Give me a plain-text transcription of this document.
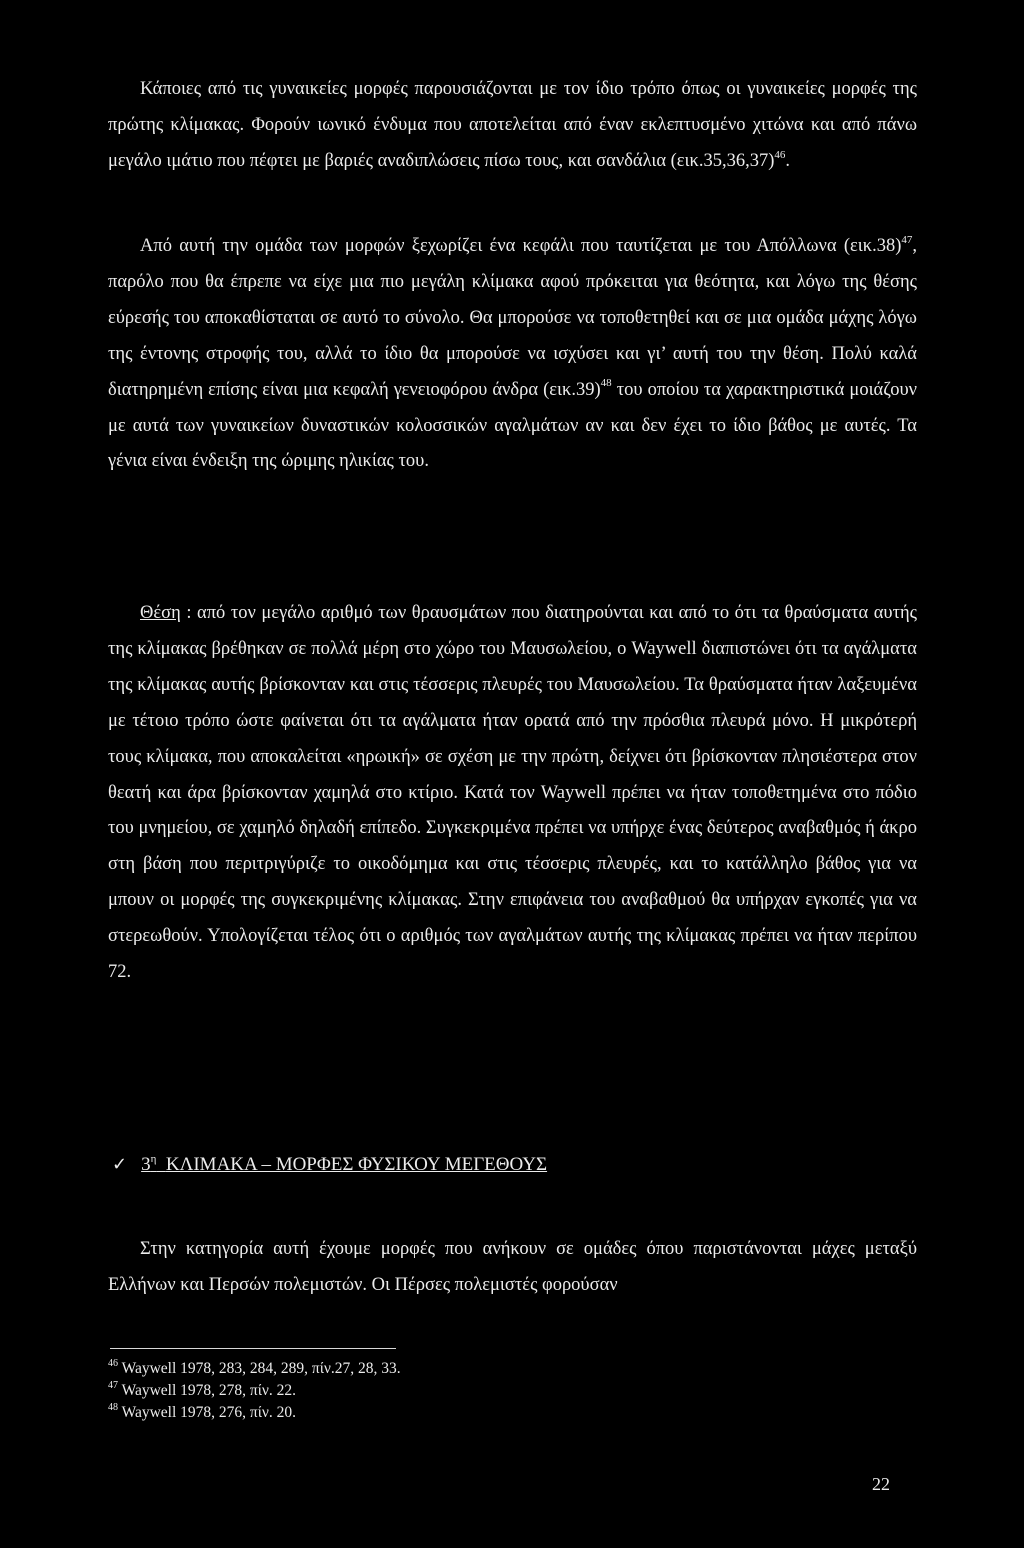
Κάποιες από τις γυναικείες μορφές παρουσιάζονται με τον ίδιο τρόπο όπως οι γυναικείες μορφές της πρώτης κλίμακας. Φορούν ιωνικό ένδυμα που αποτελείται από έναν εκλεπτυσμένο χιτώνα και από πάνω μεγάλο ιμάτιο που πέφτει με βαριές αναδιπλώσεις πίσω τους, και σανδάλια $(\varepsilon\iota\kappa.35,36,37)^{46}$.

Από αυτή την ομάδα των μορφών ξεχωρίζει ένα κεφάλι που ταυτίζεται με του Απόλλωνα $(\varepsilon\iota\kappa.38)^{47}$, παρόλο που θα έπρεπε να είχε μια πιο μεγάλη κλίμακα αφού πρόκειται για θεότητα, και λόγω της θέσης εύρεσής του αποκαθίσταται σε αυτό το σύνολο. Θα μπορούσε να τοποθετηθεί και σε μια ομάδα μάχης λόγω της έντονης στροφής του, αλλά το ίδιο θα μπορούσε να ισχύσει και γι’ αυτή του την θέση. Πολύ καλά διατηρημένη επίσης είναι μια κεφαλή γενειοφόρου άνδρα $(\varepsilon\iota\kappa.39)^{48}$ του οποίου τα χαρακτηριστικά μοιάζουν με αυτά των γυναικείων δυναστικών κολοσσικών αγαλμάτων αν και δεν έχει το ίδιο βάθος με αυτές. Τα γένια είναι ένδειξη της ώριμης ηλικίας του.

Θέση : από τον μεγάλο αριθμό των θραυσμάτων που διατηρούνται και από το ότι τα θραύσματα αυτής της κλίμακας βρέθηκαν σε πολλά μέρη στο χώρο του Μαυσωλείου, ο Waywell διαπιστώνει ότι τα αγάλματα της κλίμακας αυτής βρίσκονταν και στις τέσσερις πλευρές του Μαυσωλείου. Τα θραύσματα ήταν λαξευμένα με τέτοιο τρόπο ώστε φαίνεται ότι τα αγάλματα ήταν ορατά από την πρόσθια πλευρά μόνο. Η μικρότερή τους κλίμακα, που αποκαλείται «ηρωική» σε σχέση με την πρώτη, δείχνει ότι βρίσκονταν πλησιέστερα στον θεατή και άρα βρίσκονταν χαμηλά στο κτίριο. Κατά τον Waywell πρέπει να ήταν τοποθετημένα στο πόδιο του μνημείου, σε χαμηλό δηλαδή επίπεδο. Συγκεκριμένα πρέπει να υπήρχε ένας δεύτερος αναβαθμός ή άκρο στη βάση που περιτριγύριζε το οικοδόμημα και στις τέσσερις πλευρές, και το κατάλληλο βάθος για να μπουν οι μορφές της συγκεκριμένης κλίμακας. Στην επιφάνεια του αναβαθμού θα υπήρχαν εγκοπές για να στερεωθούν. Υπολογίζεται τέλος ότι ο αριθμός των αγαλμάτων αυτής της κλίμακας πρέπει να ήταν περίπου 72.

✓ $3^\eta$ ΚΛΙΜΑΚΑ – ΜΟΡΦΕΣ ΦΥΣΙΚΟΥ ΜΕΓΕΘΟΥΣ

Στην κατηγορία αυτή έχουμε μορφές που ανήκουν σε ομάδες όπου παριστάνονται μάχες μεταξύ Ελλήνων και Περσών πολεμιστών. Οι Πέρσες πολεμιστές φορούσαν

$^{46}$ Waywell 1978, 283, 284, 289, πίν.27, 28, 33.
$^{47}$ Waywell 1978, 278, πίν. 22.
$^{48}$ Waywell 1978, 276, πίν. 20.
22
